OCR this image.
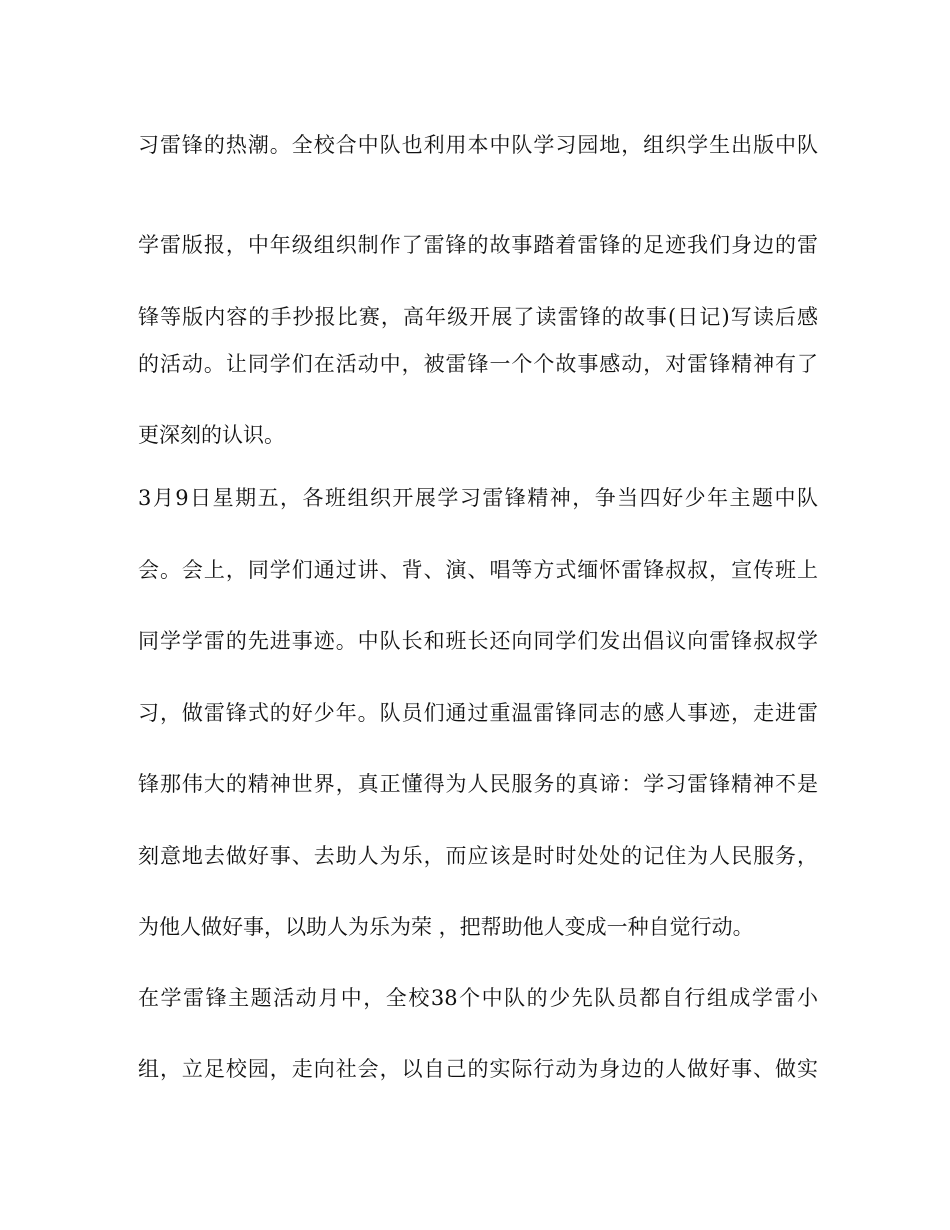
习雷锋的热潮。全校合中队也利用本中队学习园地，组织学生出版中队
学雷版报，中年级组织制作了雷锋的故事踏着雷锋的足迹我们身边的雷
锋等版内容的手抄报比赛，高年级开展了读雷锋的故事(日记)写读后感
的活动。让同学们在活动中，被雷锋一个个故事感动，对雷锋精神有了
更深刻的认识。
3月9日星期五，各班组织开展学习雷锋精神，争当四好少年主题中队
会。会上，同学们通过讲、背、演、唱等方式缅怀雷锋叔叔，宣传班上
同学学雷的先进事迹。中队长和班长还向同学们发出倡议向雷锋叔叔学
习，做雷锋式的好少年。队员们通过重温雷锋同志的感人事迹，走进雷
锋那伟大的精神世界，真正懂得为人民服务的真谛：学习雷锋精神不是
刻意地去做好事、去助人为乐，而应该是时时处处的记住为人民服务，
为他人做好事，以助人为乐为荣 ，把帮助他人变成一种自觉行动。
在学雷锋主题活动月中，全校38个中队的少先队员都自行组成学雷小
组，立足校园，走向社会，以自己的实际行动为身边的人做好事、做实
